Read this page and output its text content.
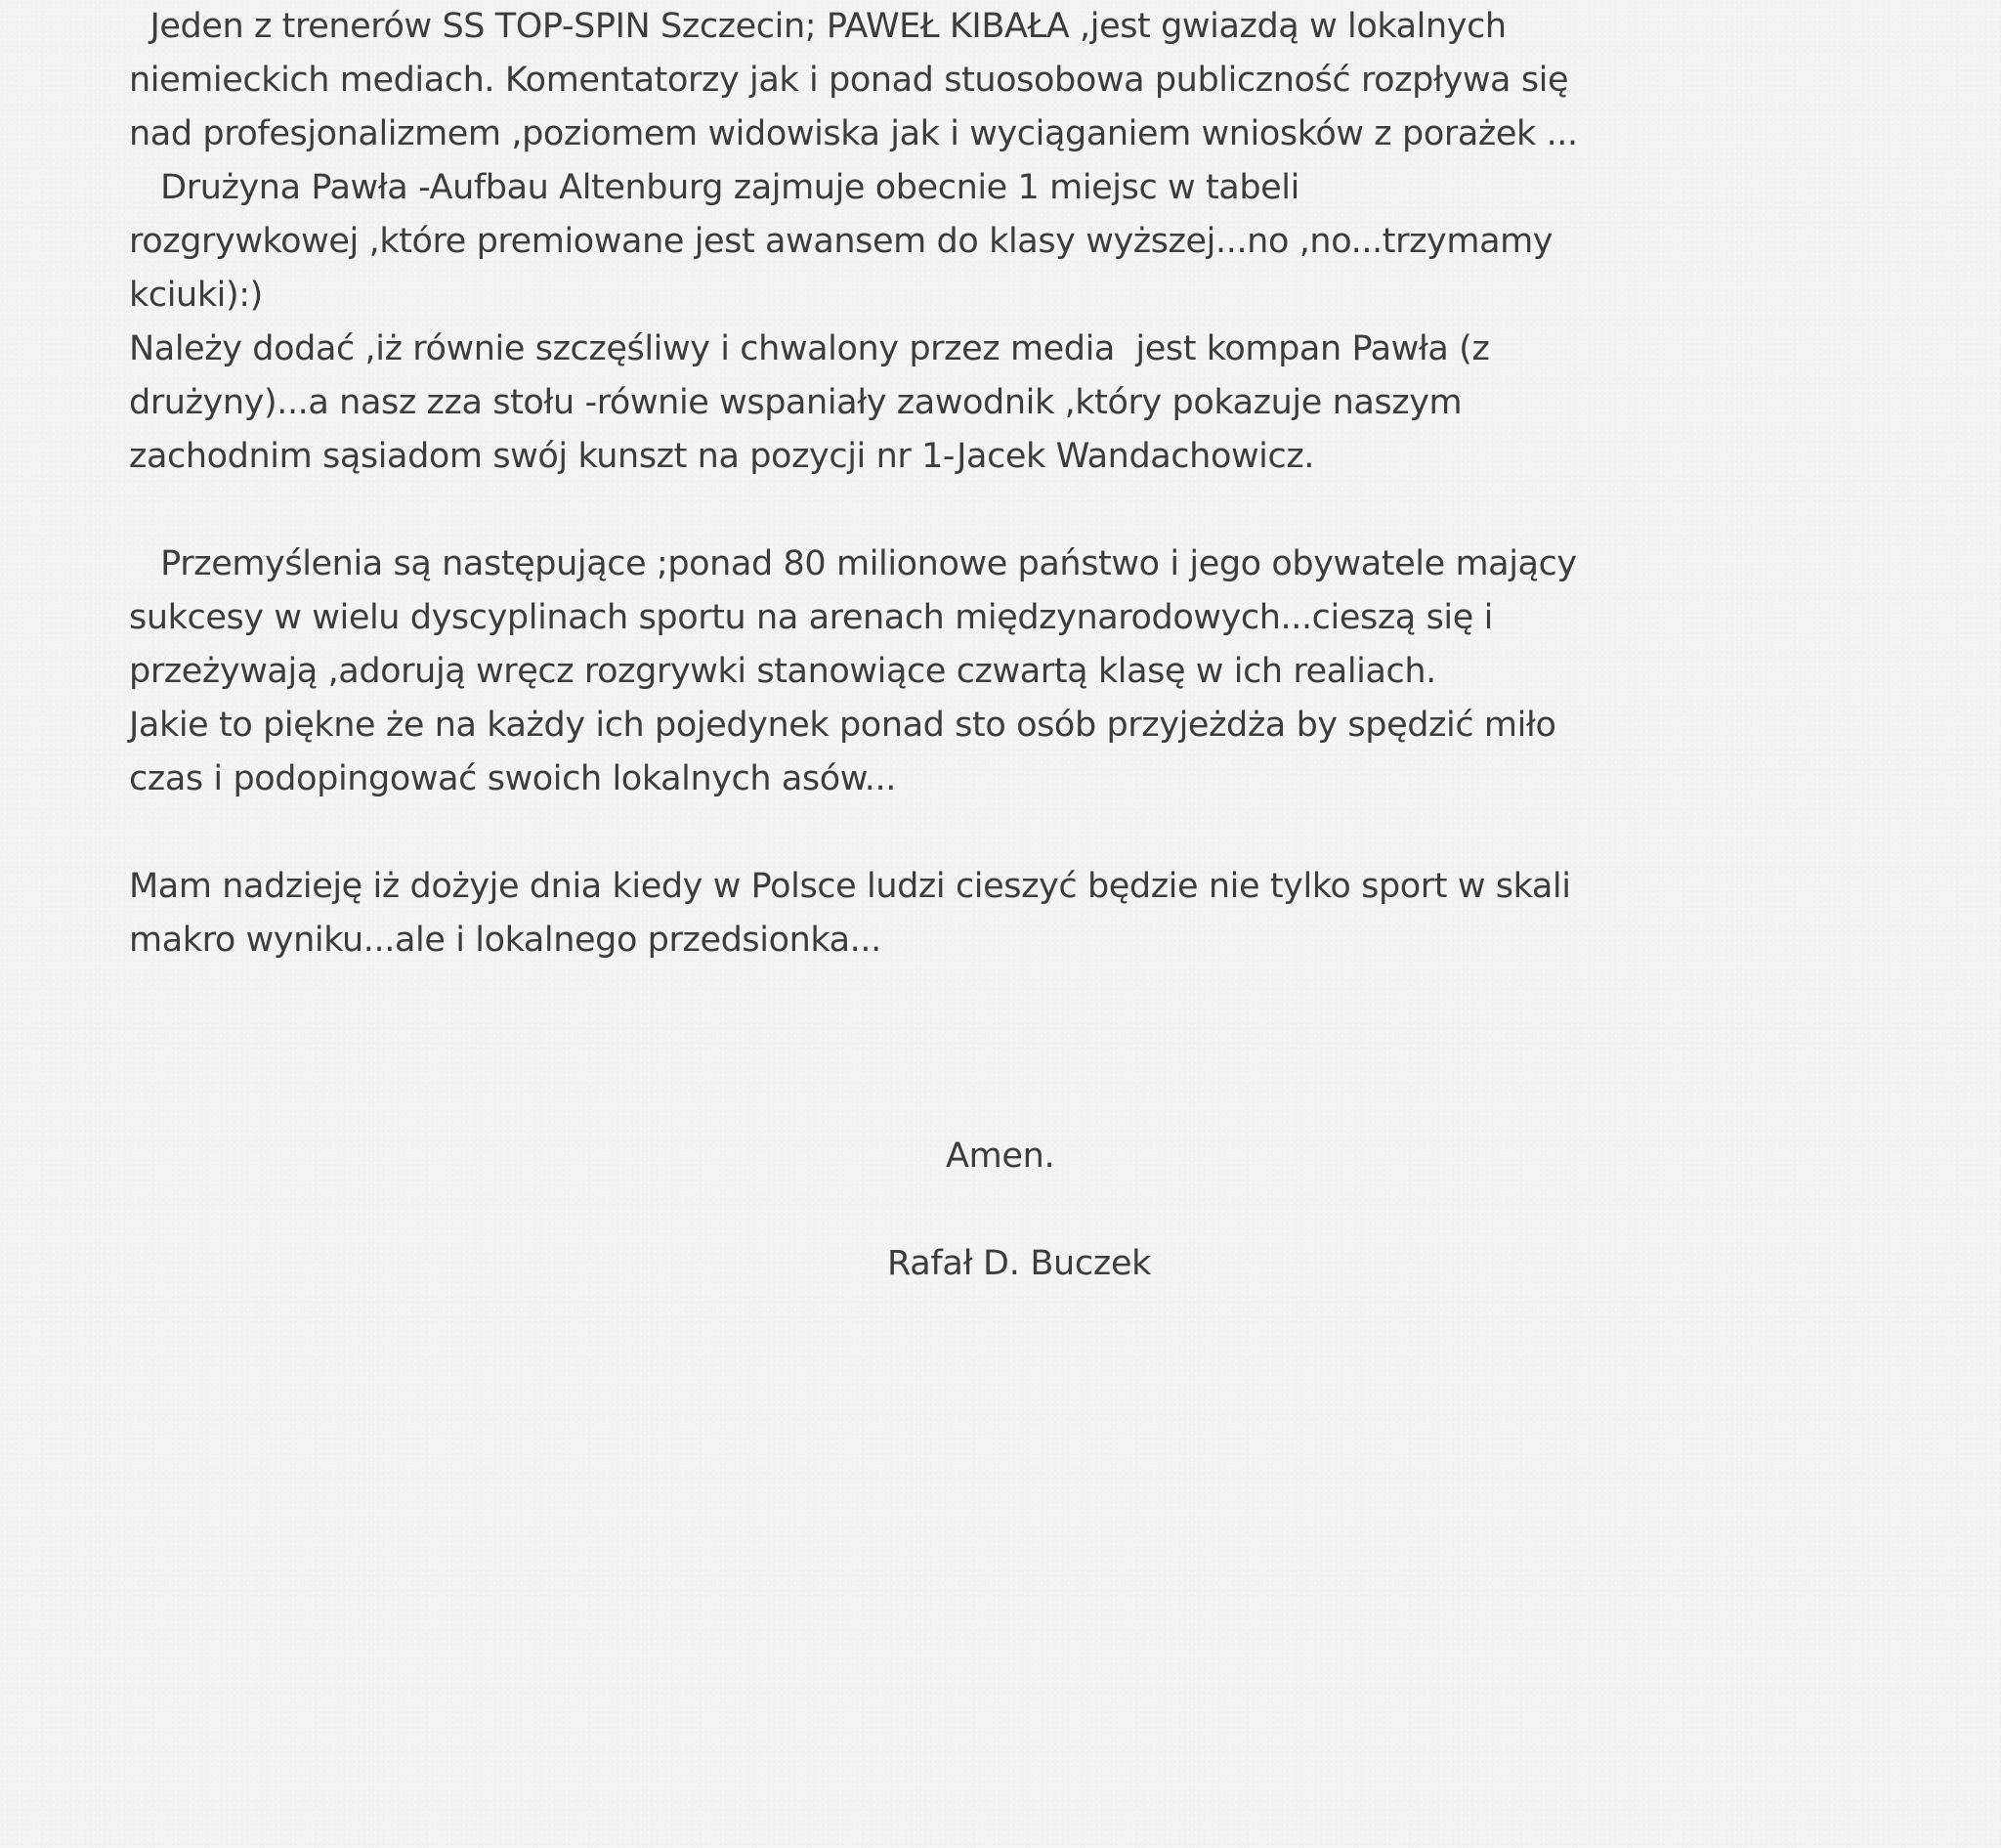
Jeden z trenerów SS TOP-SPIN Szczecin; PAWEŁ KIBAŁA ,jest gwiazdą w lokalnych
niemieckich mediach. Komentatorzy jak i ponad stuosobowa publiczność rozpływa się
nad profesjonalizmem ,poziomem widowiska jak i wyciąganiem wniosków z porażek ...
Drużyna Pawła -Aufbau Altenburg zajmuje obecnie 1 miejsc w tabeli
rozgrywkowej ,które premiowane jest awansem do klasy wyższej...no ,no...trzymamy
kciuki):)
Należy dodać ,iż równie szczęśliwy i chwalony przez media  jest kompan Pawła (z
drużyny)...a nasz zza stołu -równie wspaniały zawodnik ,który pokazuje naszym
zachodnim sąsiadom swój kunszt na pozycji nr 1-Jacek Wandachowicz.
Przemyślenia są następujące ;ponad 80 milionowe państwo i jego obywatele mający
sukcesy w wielu dyscyplinach sportu na arenach międzynarodowych...cieszą się i
przeżywają ,adorują wręcz rozgrywki stanowiące czwartą klasę w ich realiach.
Jakie to piękne że na każdy ich pojedynek ponad sto osób przyjeżdża by spędzić miło
czas i podopingować swoich lokalnych asów...
Mam nadzieję iż dożyje dnia kiedy w Polsce ludzi cieszyć będzie nie tylko sport w skali
makro wyniku...ale i lokalnego przedsionka...
Amen.
Rafał D. Buczek
